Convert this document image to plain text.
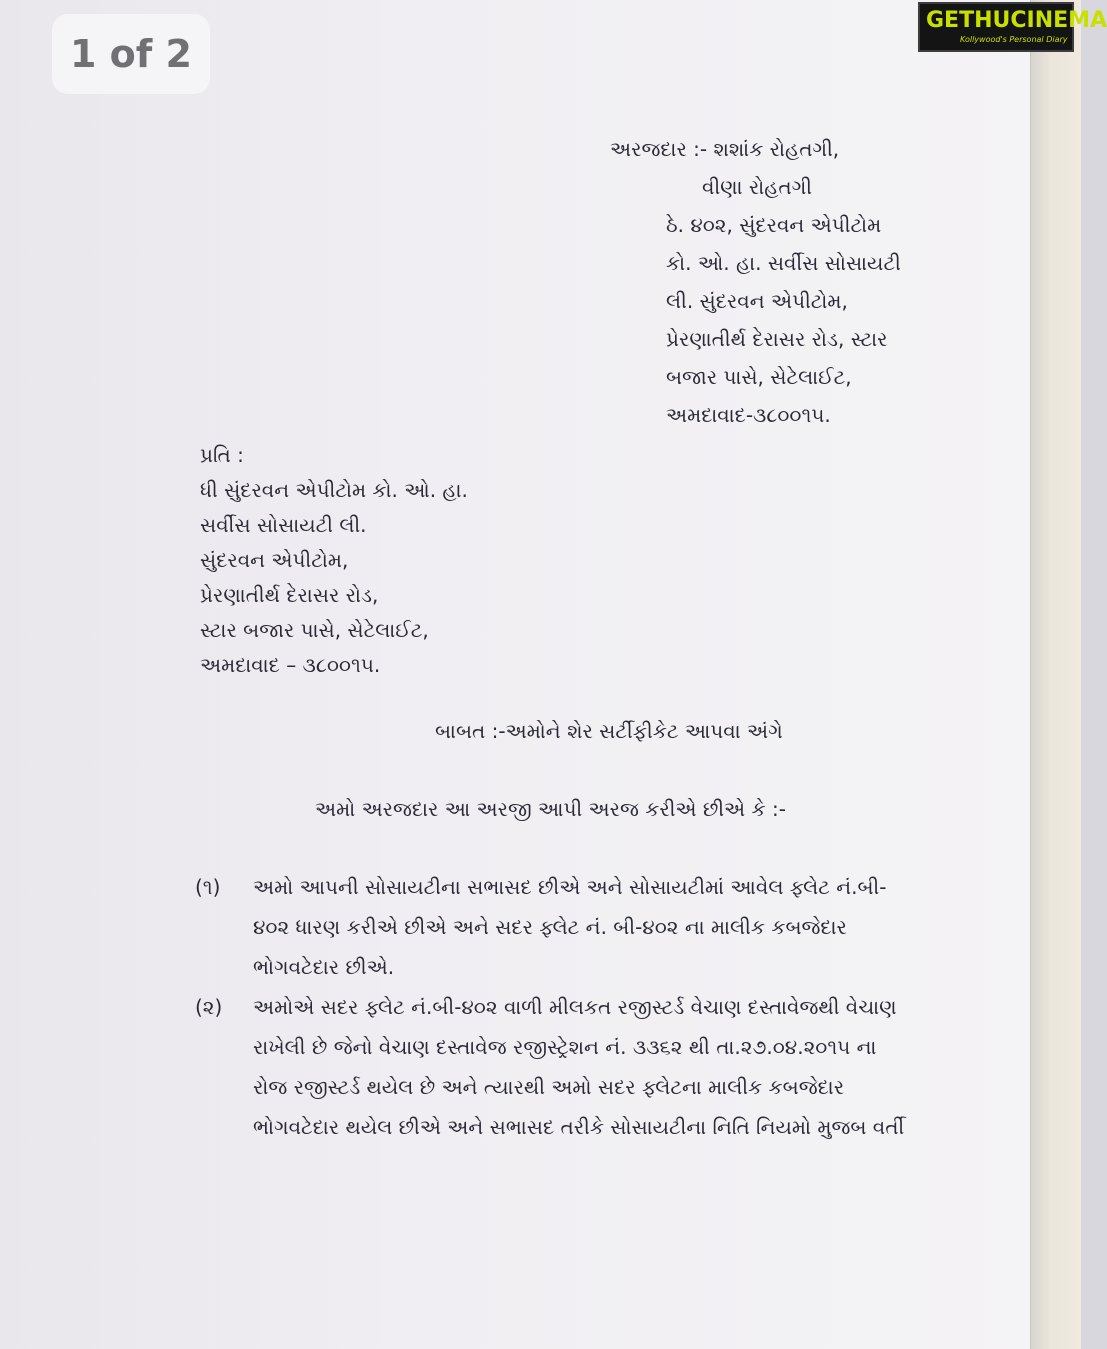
1 of 2
GETHUCINEMA
Kollywood's Personal Diary
અરજદાર :- શશાંક રોહતગી,
વીણા રોહતગી
ઠે. ૪૦૨, સુંદરવન એપીટોમ
કો. ઓ. હા. સર્વીસ સોસાયટી
લી. સુંદરવન એપીટોમ,
પ્રેરણાતીર્થ દેરાસર રોડ, સ્ટાર
બજાર પાસે, સેટેલાઈટ,
અમદાવાદ-૩૮૦૦૧૫.
પ્રતિ :
ધી સુંદરવન એપીટોમ કો. ઓ. હા.
સર્વીસ સોસાયટી લી.
સુંદરવન એપીટોમ,
પ્રેરણાતીર્થ દેરાસર રોડ,
સ્ટાર બજાર પાસે, સેટેલાઈટ,
અમદાવાદ – ૩૮૦૦૧૫.
બાબત :-અમોને શેર સર્ટીફીકેટ આપવા અંગે
અમો અરજદાર આ અરજી આપી અરજ કરીએ છીએ કે :-
(૧)	અમો આપની સોસાયટીના સભાસદ છીએ અને સોસાયટીમાં આવેલ ફ્લેટ નં.બી-
૪૦૨ ધારણ કરીએ છીએ અને સદર ફ્લેટ નં. બી-૪૦૨ ના માલીક કબજેદાર
ભોગવટેદાર છીએ.
(૨)	અમોએ સદર ફ્લેટ નં.બી-૪૦૨ વાળી મીલકત રજીસ્ટર્ડ વેચાણ દસ્તાવેજથી વેચાણ
રાખેલી છે જેનો વેચાણ દસ્તાવેજ રજીસ્ટ્રેશન નં. ૩૩૬૨ થી તા.૨૭.૦૪.૨૦૧૫ ના
રોજ રજીસ્ટર્ડ થયેલ છે અને ત્યારથી અમો સદર ફ્લેટના માલીક કબજેદાર
ભોગવટેદાર થયેલ છીએ અને સભાસદ તરીકે સોસાયટીના નિતિ નિયમો મુજબ વર્તી
